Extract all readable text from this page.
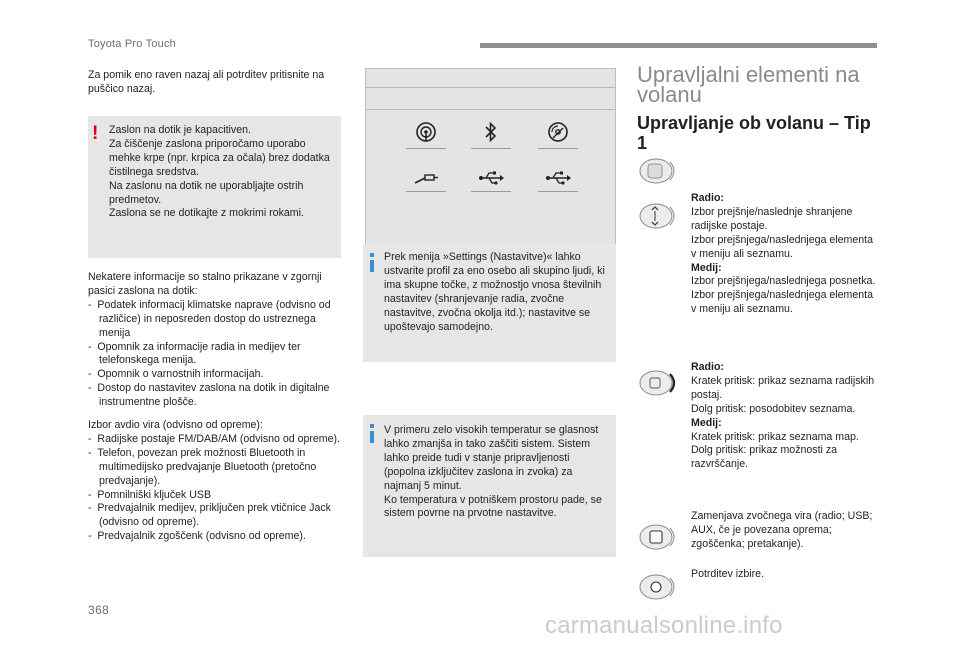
Toyota Pro Touch
Za pomik eno raven nazaj ali potrditev pritisnite na puščico nazaj.
! Zaslon na dotik je kapacitiven.
Za čiščenje zaslona priporočamo uporabo mehke krpe (npr. krpica za očala) brez dodatka čistilnega sredstva.
Na zaslonu na dotik ne uporabljajte ostrih predmetov.
Zaslona se ne dotikajte z mokrimi rokami.
Nekatere informacije so stalno prikazane v zgornji pasici zaslona na dotik:
-  Podatek informacij klimatske naprave (odvisno od različice) in neposreden dostop do ustreznega menija
-  Opomnik za informacije radia in medijev ter telefonskega menija.
-  Opomnik o varnostnih informacijah.
-  Dostop do nastavitev zaslona na dotik in digitalne instrumentne plošče.
Izbor avdio vira (odvisno od opreme):
-  Radijske postaje FM/DAB/AM (odvisno od opreme).
-  Telefon, povezan prek možnosti Bluetooth in multimedijsko predvajanje Bluetooth (pretočno predvajanje).
-  Pomnilniški ključek USB
-  Predvajalnik medijev, priključen prek vtičnice Jack (odvisno od opreme).
-  Predvajalnik zgoščenk (odvisno od opreme).
Prek menija »Settings (Nastavitve)« lahko ustvarite profil za eno osebo ali skupino ljudi, ki ima skupne točke, z možnostjo vnosa številnih nastavitev (shranjevanje radia, zvočne nastavitve, zvočna okolja itd.); nastavitve se upoštevajo samodejno.
V primeru zelo visokih temperatur se glasnost lahko zmanjša in tako zaščiti sistem. Sistem lahko preide tudi v stanje pripravljenosti (popolna izključitev zaslona in zvoka) za najmanj 5 minut.
Ko temperatura v potniškem prostoru pade, se sistem povrne na prvotne nastavitve.
Upravljalni elementi na volanu
Upravljanje ob volanu – Tip 1
Radio:
Izbor prejšnje/naslednje shranjene radijske postaje.
Izbor prejšnjega/naslednjega elementa v meniju ali seznamu.
Medij:
Izbor prejšnjega/naslednjega posnetka.
Izbor prejšnjega/naslednjega elementa v meniju ali seznamu.
Radio:
Kratek pritisk: prikaz seznama radijskih postaj.
Dolg pritisk: posodobitev seznama.
Medij:
Kratek pritisk: prikaz seznama map.
Dolg pritisk: prikaz možnosti za razvrščanje.
Zamenjava zvočnega vira (radio; USB; AUX, če je povezana oprema; zgoščenka; pretakanje).
Potrditev izbire.
368
carmanualsonline.info
